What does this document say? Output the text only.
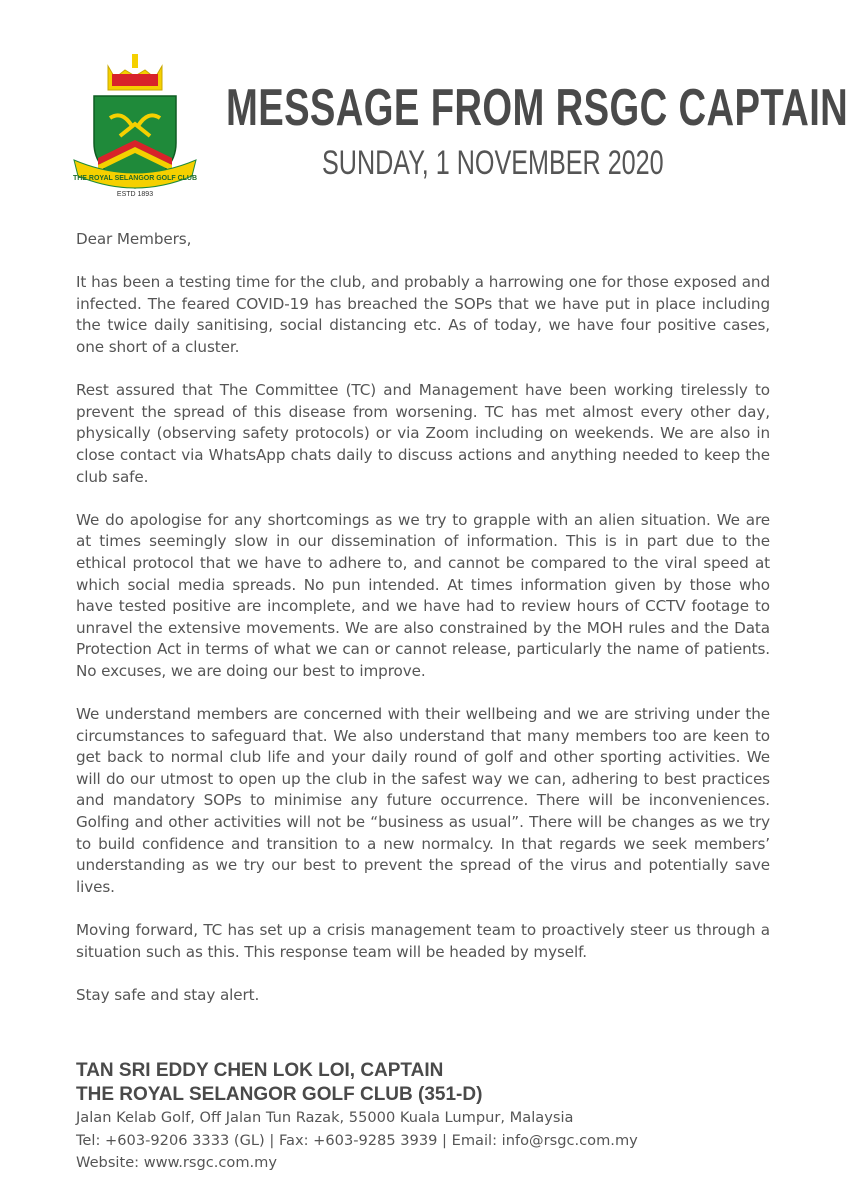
THE ROYAL SELANGOR GOLF CLUB
ESTD 1893
MESSAGE FROM RSGC CAPTAIN
SUNDAY, 1 NOVEMBER 2020

Dear Members,

It has been a testing time for the club, and probably a harrowing one for those exposed and infected. The feared COVID-19 has breached the SOPs that we have put in place including the twice daily sanitising, social distancing etc. As of today, we have four positive cases, one short of a cluster.

Rest assured that The Committee (TC) and Management have been working tirelessly to prevent the spread of this disease from worsening. TC has met almost every other day, physically (observing safety protocols) or via Zoom including on weekends. We are also in close contact via WhatsApp chats daily to discuss actions and anything needed to keep the club safe.

We do apologise for any shortcomings as we try to grapple with an alien situation. We are at times seemingly slow in our dissemination of information. This is in part due to the ethical protocol that we have to adhere to, and cannot be compared to the viral speed at which social media spreads. No pun intended. At times information given by those who have tested positive are incomplete, and we have had to review hours of CCTV footage to unravel the extensive movements. We are also constrained by the MOH rules and the Data Protection Act in terms of what we can or cannot release, particularly the name of patients. No excuses, we are doing our best to improve.

We understand members are concerned with their wellbeing and we are striving under the circumstances to safeguard that. We also understand that many members too are keen to get back to normal club life and your daily round of golf and other sporting activities. We will do our utmost to open up the club in the safest way we can, adhering to best practices and mandatory SOPs to minimise any future occurrence. There will be inconveniences. Golfing and other activities will not be “business as usual”. There will be changes as we try to build confidence and transition to a new normalcy. In that regards we seek members’ understanding as we try our best to prevent the spread of the virus and potentially save lives.

Moving forward, TC has set up a crisis management team to proactively steer us through a situation such as this. This response team will be headed by myself.

Stay safe and stay alert.

TAN SRI EDDY CHEN LOK LOI, CAPTAIN
THE ROYAL SELANGOR GOLF CLUB (351-D)
Jalan Kelab Golf, Off Jalan Tun Razak, 55000 Kuala Lumpur, Malaysia
Tel: +603-9206 3333 (GL) | Fax: +603-9285 3939 | Email: info@rsgc.com.my
Website: www.rsgc.com.my
